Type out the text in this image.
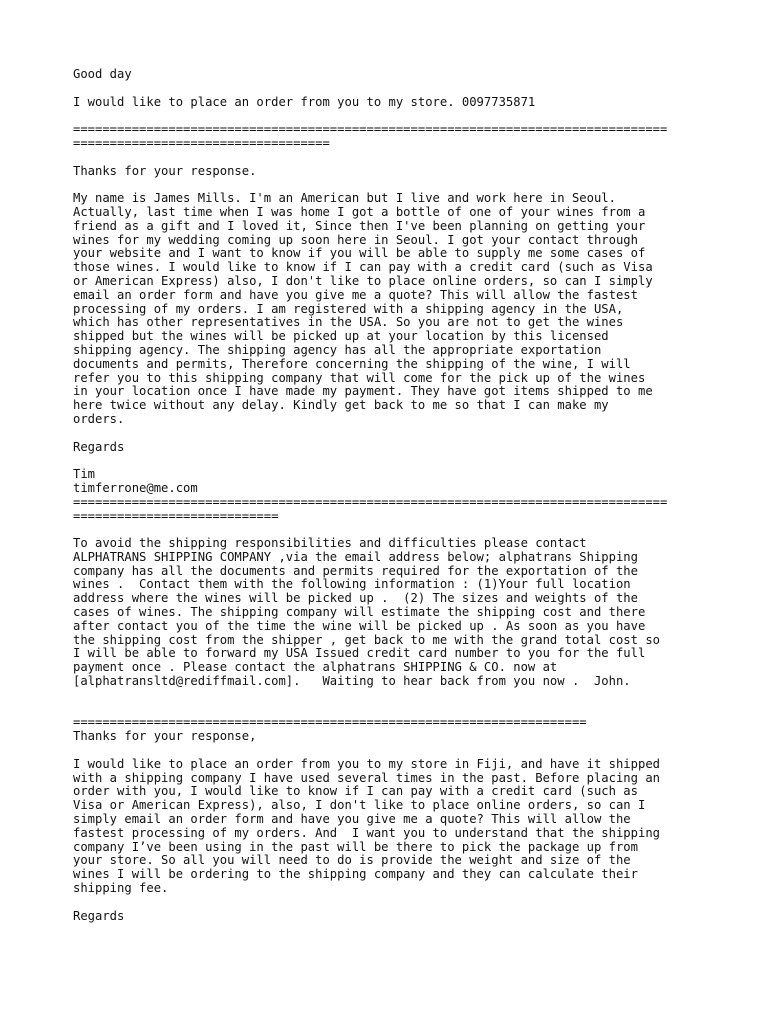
Good day
I would like to place an order from you to my store. 0097735871
=================================================================================
===================================
Thanks for your response.
My name is James Mills. I'm an American but I live and work here in Seoul.
Actually, last time when I was home I got a bottle of one of your wines from a
friend as a gift and I loved it, Since then I've been planning on getting your
wines for my wedding coming up soon here in Seoul. I got your contact through
your website and I want to know if you will be able to supply me some cases of
those wines. I would like to know if I can pay with a credit card (such as Visa
or American Express) also, I don't like to place online orders, so can I simply
email an order form and have you give me a quote? This will allow the fastest
processing of my orders. I am registered with a shipping agency in the USA,
which has other representatives in the USA. So you are not to get the wines
shipped but the wines will be picked up at your location by this licensed
shipping agency. The shipping agency has all the appropriate exportation
documents and permits, Therefore concerning the shipping of the wine, I will
refer you to this shipping company that will come for the pick up of the wines
in your location once I have made my payment. They have got items shipped to me
here twice without any delay. Kindly get back to me so that I can make my
orders.
Regards
Tim
timferrone@me.com
=================================================================================
============================
To avoid the shipping responsibilities and difficulties please contact
ALPHATRANS SHIPPING COMPANY ,via the email address below; alphatrans Shipping
company has all the documents and permits required for the exportation of the
wines .  Contact them with the following information : (1)Your full location
address where the wines will be picked up .  (2) The sizes and weights of the
cases of wines. The shipping company will estimate the shipping cost and there
after contact you of the time the wine will be picked up . As soon as you have
the shipping cost from the shipper , get back to me with the grand total cost so
I will be able to forward my USA Issued credit card number to you for the full
payment once . Please contact the alphatrans SHIPPING & CO. now at
[alphatransltd@rediffmail.com].   Waiting to hear back from you now .  John.
======================================================================
Thanks for your response,
I would like to place an order from you to my store in Fiji, and have it shipped
with a shipping company I have used several times in the past. Before placing an
order with you, I would like to know if I can pay with a credit card (such as
Visa or American Express), also, I don't like to place online orders, so can I
simply email an order form and have you give me a quote? This will allow the
fastest processing of my orders. And  I want you to understand that the shipping
company I’ve been using in the past will be there to pick the package up from
your store. So all you will need to do is provide the weight and size of the
wines I will be ordering to the shipping company and they can calculate their
shipping fee.
Regards
